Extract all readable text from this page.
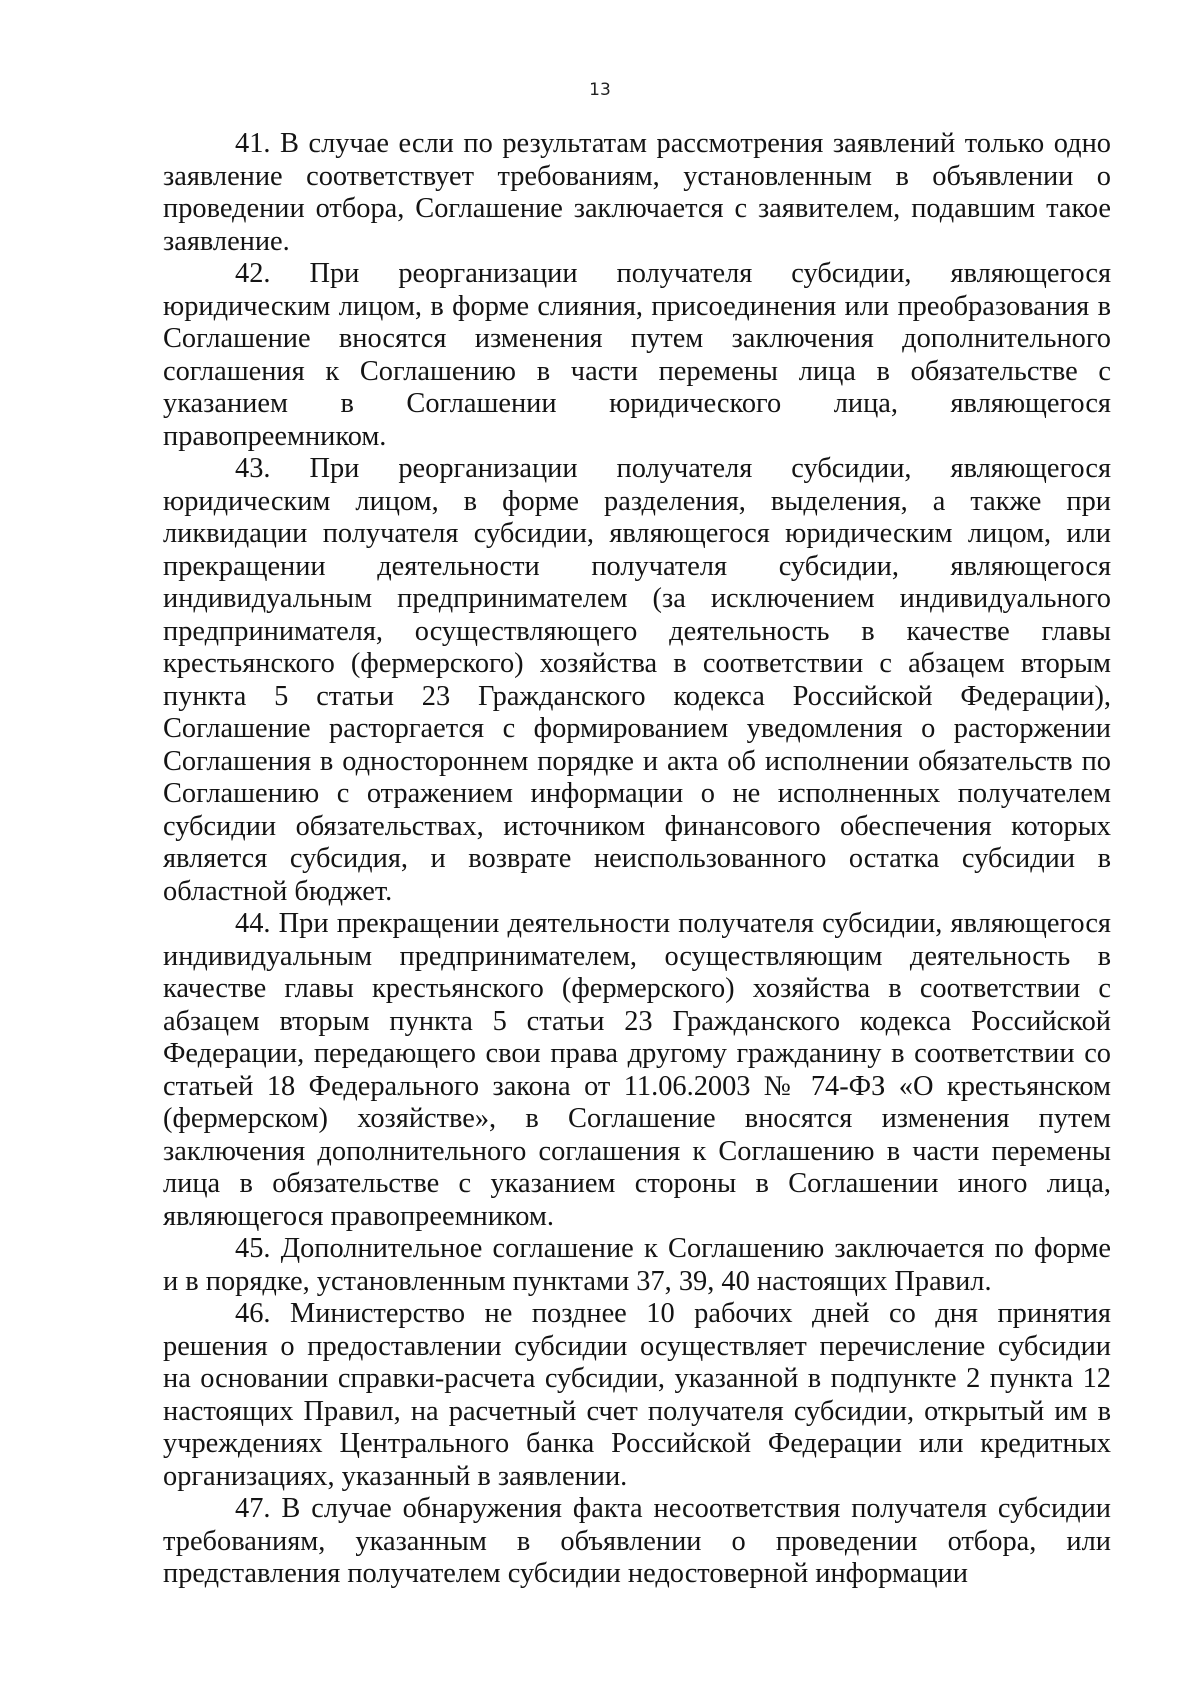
13

41. В случае если по результатам рассмотрения заявлений только одно заявление соответствует требованиям, установленным в объявлении о проведении отбора, Соглашение заключается с заявителем, подавшим такое заявление.

42. При реорганизации получателя субсидии, являющегося юридическим лицом, в форме слияния, присоединения или преобразования в Соглашение вносятся изменения путем заключения дополнительного соглашения к Соглашению в части перемены лица в обязательстве с указанием в Соглашении юридического лица, являющегося правопреемником.

43. При реорганизации получателя субсидии, являющегося юридическим лицом, в форме разделения, выделения, а также при ликвидации получателя субсидии, являющегося юридическим лицом, или прекращении деятельности получателя субсидии, являющегося индивидуальным предпринимателем (за исключением индивидуального предпринимателя, осуществляющего деятельность в качестве главы крестьянского (фермерского) хозяйства в соответствии с абзацем вторым пункта 5 статьи 23 Гражданского кодекса Российской Федерации), Соглашение расторгается с формированием уведомления о расторжении Соглашения в одностороннем порядке и акта об исполнении обязательств по Соглашению с отражением информации о не исполненных получателем субсидии обязательствах, источником финансового обеспечения которых является субсидия, и возврате неиспользованного остатка субсидии в областной бюджет.

44. При прекращении деятельности получателя субсидии, являющегося индивидуальным предпринимателем, осуществляющим деятельность в качестве главы крестьянского (фермерского) хозяйства в соответствии с абзацем вторым пункта 5 статьи 23 Гражданского кодекса Российской Федерации, передающего свои права другому гражданину в соответствии со статьей 18 Федерального закона от 11.06.2003 № 74-ФЗ «О крестьянском (фермерском) хозяйстве», в Соглашение вносятся изменения путем заключения дополнительного соглашения к Соглашению в части перемены лица в обязательстве с указанием стороны в Соглашении иного лица, являющегося правопреемником.

45. Дополнительное соглашение к Соглашению заключается по форме и в порядке, установленным пунктами 37, 39, 40 настоящих Правил.

46. Министерство не позднее 10 рабочих дней со дня принятия решения о предоставлении субсидии осуществляет перечисление субсидии на основании справки-расчета субсидии, указанной в подпункте 2 пункта 12 настоящих Правил, на расчетный счет получателя субсидии, открытый им в учреждениях Центрального банка Российской Федерации или кредитных организациях, указанный в заявлении.

47. В случае обнаружения факта несоответствия получателя субсидии требованиям, указанным в объявлении о проведении отбора, или представления получателем субсидии недостоверной информации
